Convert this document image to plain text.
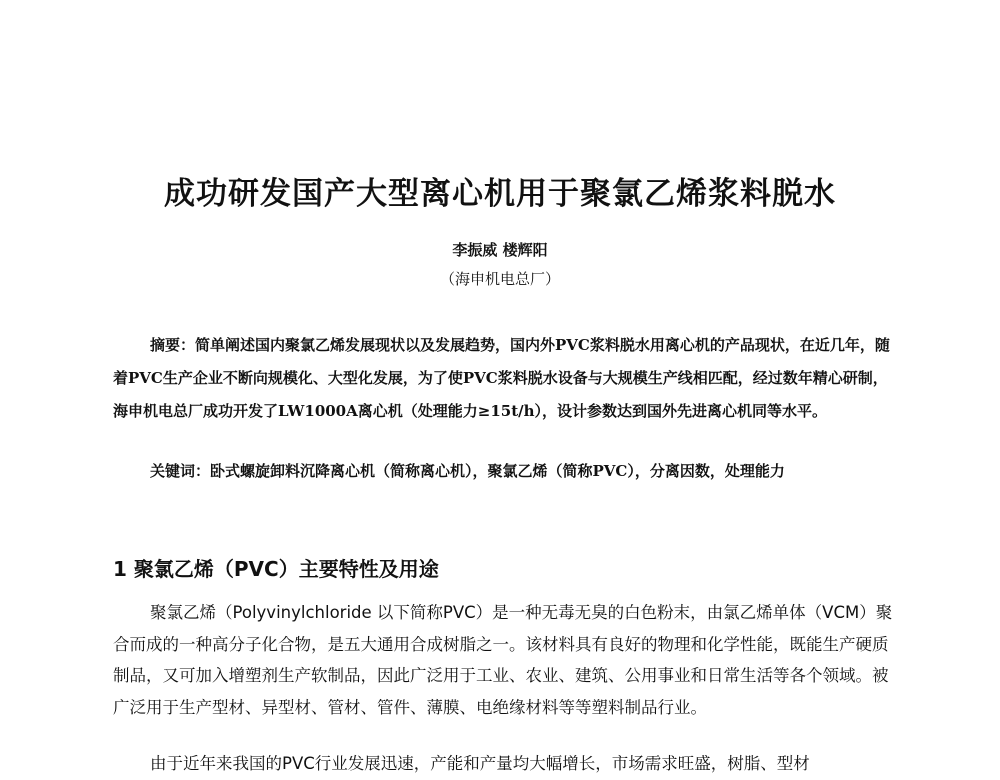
成功研发国产大型离心机用于聚氯乙烯浆料脱水
李振威 楼辉阳
（海申机电总厂）

摘要：简单阐述国内聚氯乙烯发展现状以及发展趋势，国内外PVC浆料脱水用离心机的产品现状，在近几年，随着PVC生产企业不断向规模化、大型化发展，为了使PVC浆料脱水设备与大规模生产线相匹配，经过数年精心研制，海申机电总厂成功开发了LW1000A离心机（处理能力≥15t/h），设计参数达到国外先进离心机同等水平。

关键词：卧式螺旋卸料沉降离心机（简称离心机），聚氯乙烯（简称PVC），分离因数，处理能力

1 聚氯乙烯（PVC）主要特性及用途

聚氯乙烯（Polyvinylchloride 以下简称PVC）是一种无毒无臭的白色粉末，由氯乙烯单体（VCM）聚合而成的一种高分子化合物，是五大通用合成树脂之一。该材料具有良好的物理和化学性能，既能生产硬质制品，又可加入增塑剂生产软制品，因此广泛用于工业、农业、建筑、公用事业和日常生活等各个领域。被广泛用于生产型材、异型材、管材、管件、薄膜、电绝缘材料等等塑料制品行业。

由于近年来我国的PVC行业发展迅速，产能和产量均大幅增长，市场需求旺盛，树脂、型材
